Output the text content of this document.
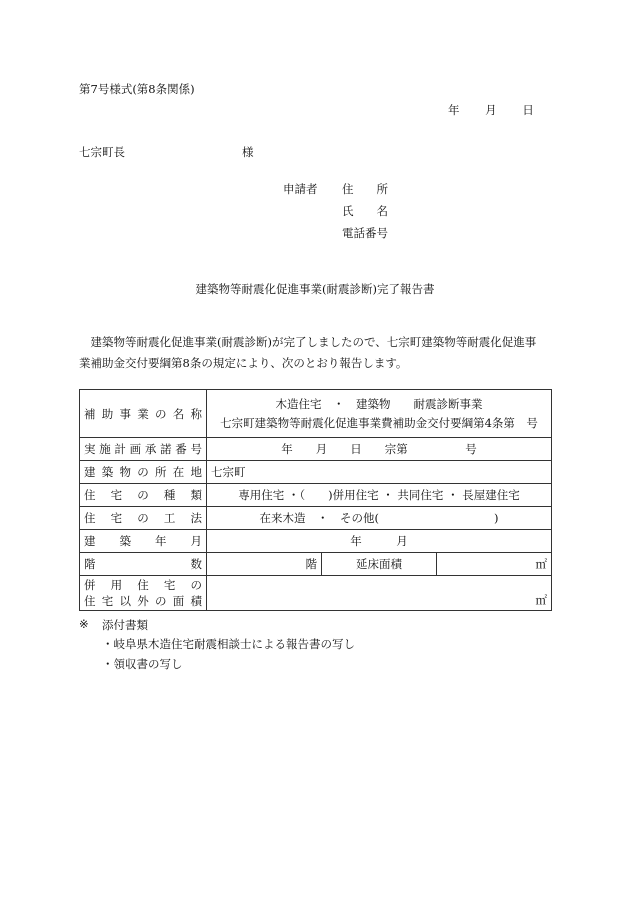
第7号様式(第8条関係)
年 月 日
七宗町長	様
申請者 住　　所
氏　　名
電話番号
建築物等耐震化促進事業(耐震診断)完了報告書
　建築物等耐震化促進事業(耐震診断)が完了しましたので、七宗町建築物等耐震化促進事
業補助金交付要綱第8条の規定により、次のとおり報告します。
補助事業の名称	木造住宅　・　建築物　　耐震診断事業
七宗町建築物等耐震化促進事業費補助金交付要綱第4条第　号		

実施計画承諾番号	年　　月　　日　　宗第　　　　　号		
建築物の所在地	七宗町		
住宅の種類	専用住宅 ・（　　)併用住宅 ・ 共同住宅 ・ 長屋建住宅		
住宅の工法	在来木造　・　その他(　　　　　　　　　　)		
建築年月	年　　　月		
階数	階	延床面積	㎡

併用住宅の
住宅以外の面積	㎡		
※ 添付書類
・岐阜県木造住宅耐震相談士による報告書の写し
・領収書の写し
